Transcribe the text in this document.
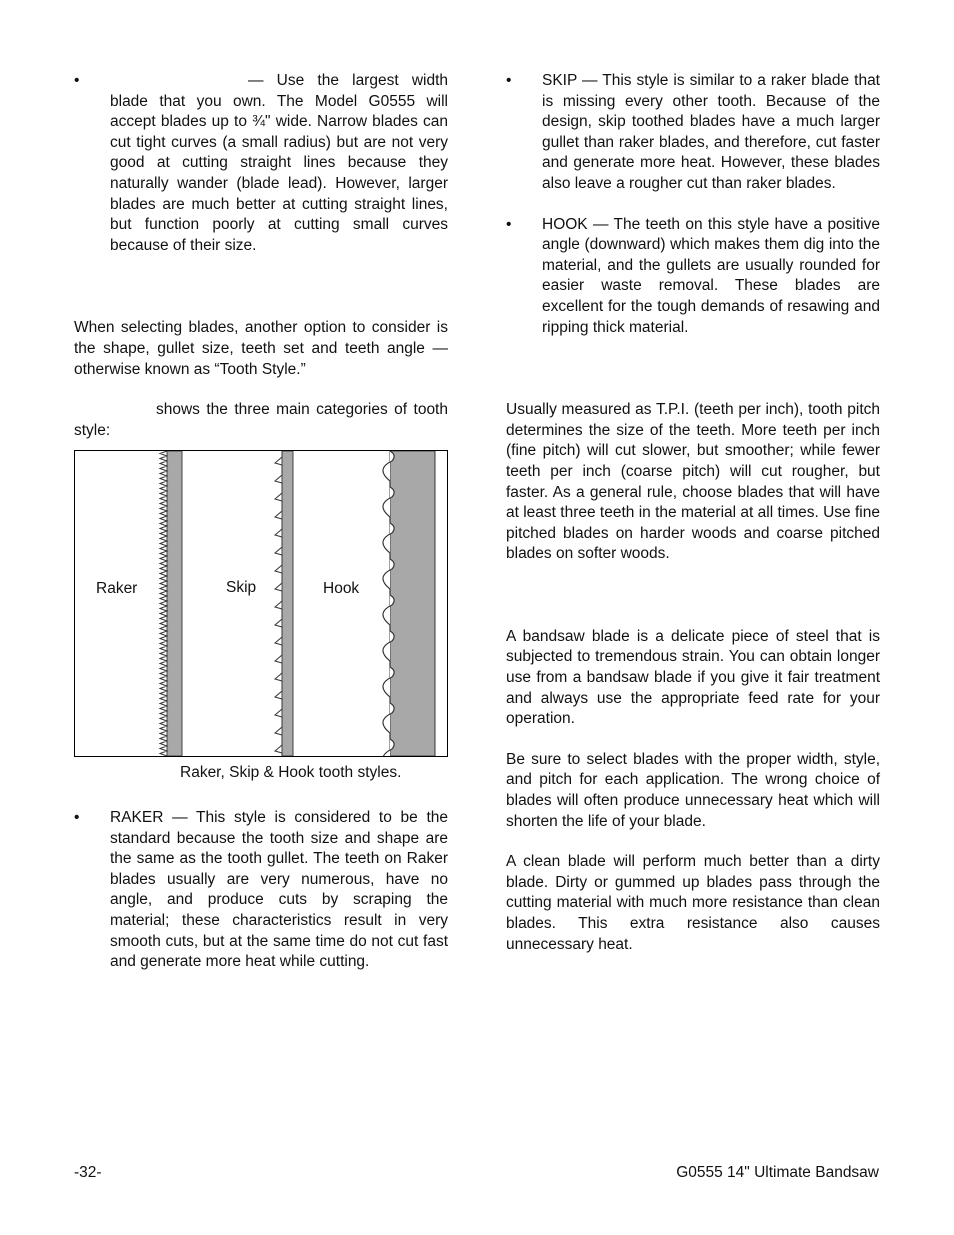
•	— Use the largest width blade that you own. The Model G0555 will accept blades up to ¾" wide. Narrow blades can cut tight curves (a small radius) but are not very good at cutting straight lines because they naturally wander (blade lead). However, larger blades are much better at cutting straight lines, but function poorly at cutting small curves because of their size.

When selecting blades, another option to consider is the shape, gullet size, teeth set and teeth angle — otherwise known as “Tooth Style.”

shows the three main categories of tooth style:

Raker	Skip	Hook
Raker, Skip & Hook tooth styles.

• RAKER — This style is considered to be the standard because the tooth size and shape are the same as the tooth gullet. The teeth on Raker blades usually are very numerous, have no angle, and produce cuts by scraping the material; these characteristics result in very smooth cuts, but at the same time do not cut fast and generate more heat while cutting.

• SKIP — This style is similar to a raker blade that is missing every other tooth. Because of the design, skip toothed blades have a much larger gullet than raker blades, and therefore, cut faster and generate more heat. However, these blades also leave a rougher cut than raker blades.

• HOOK — The teeth on this style have a positive angle (downward) which makes them dig into the material, and the gullets are usually rounded for easier waste removal. These blades are excellent for the tough demands of resawing and ripping thick material.

Usually measured as T.P.I. (teeth per inch), tooth pitch determines the size of the teeth. More teeth per inch (fine pitch) will cut slower, but smoother; while fewer teeth per inch (coarse pitch) will cut rougher, but faster. As a general rule, choose blades that will have at least three teeth in the material at all times. Use fine pitched blades on harder woods and coarse pitched blades on softer woods.

A bandsaw blade is a delicate piece of steel that is subjected to tremendous strain. You can obtain longer use from a bandsaw blade if you give it fair treatment and always use the appropriate feed rate for your operation.

Be sure to select blades with the proper width, style, and pitch for each application. The wrong choice of blades will often produce unnecessary heat which will shorten the life of your blade.

A clean blade will perform much better than a dirty blade. Dirty or gummed up blades pass through the cutting material with much more resistance than clean blades. This extra resistance also causes unnecessary heat.

-32-	G0555 14" Ultimate Bandsaw
